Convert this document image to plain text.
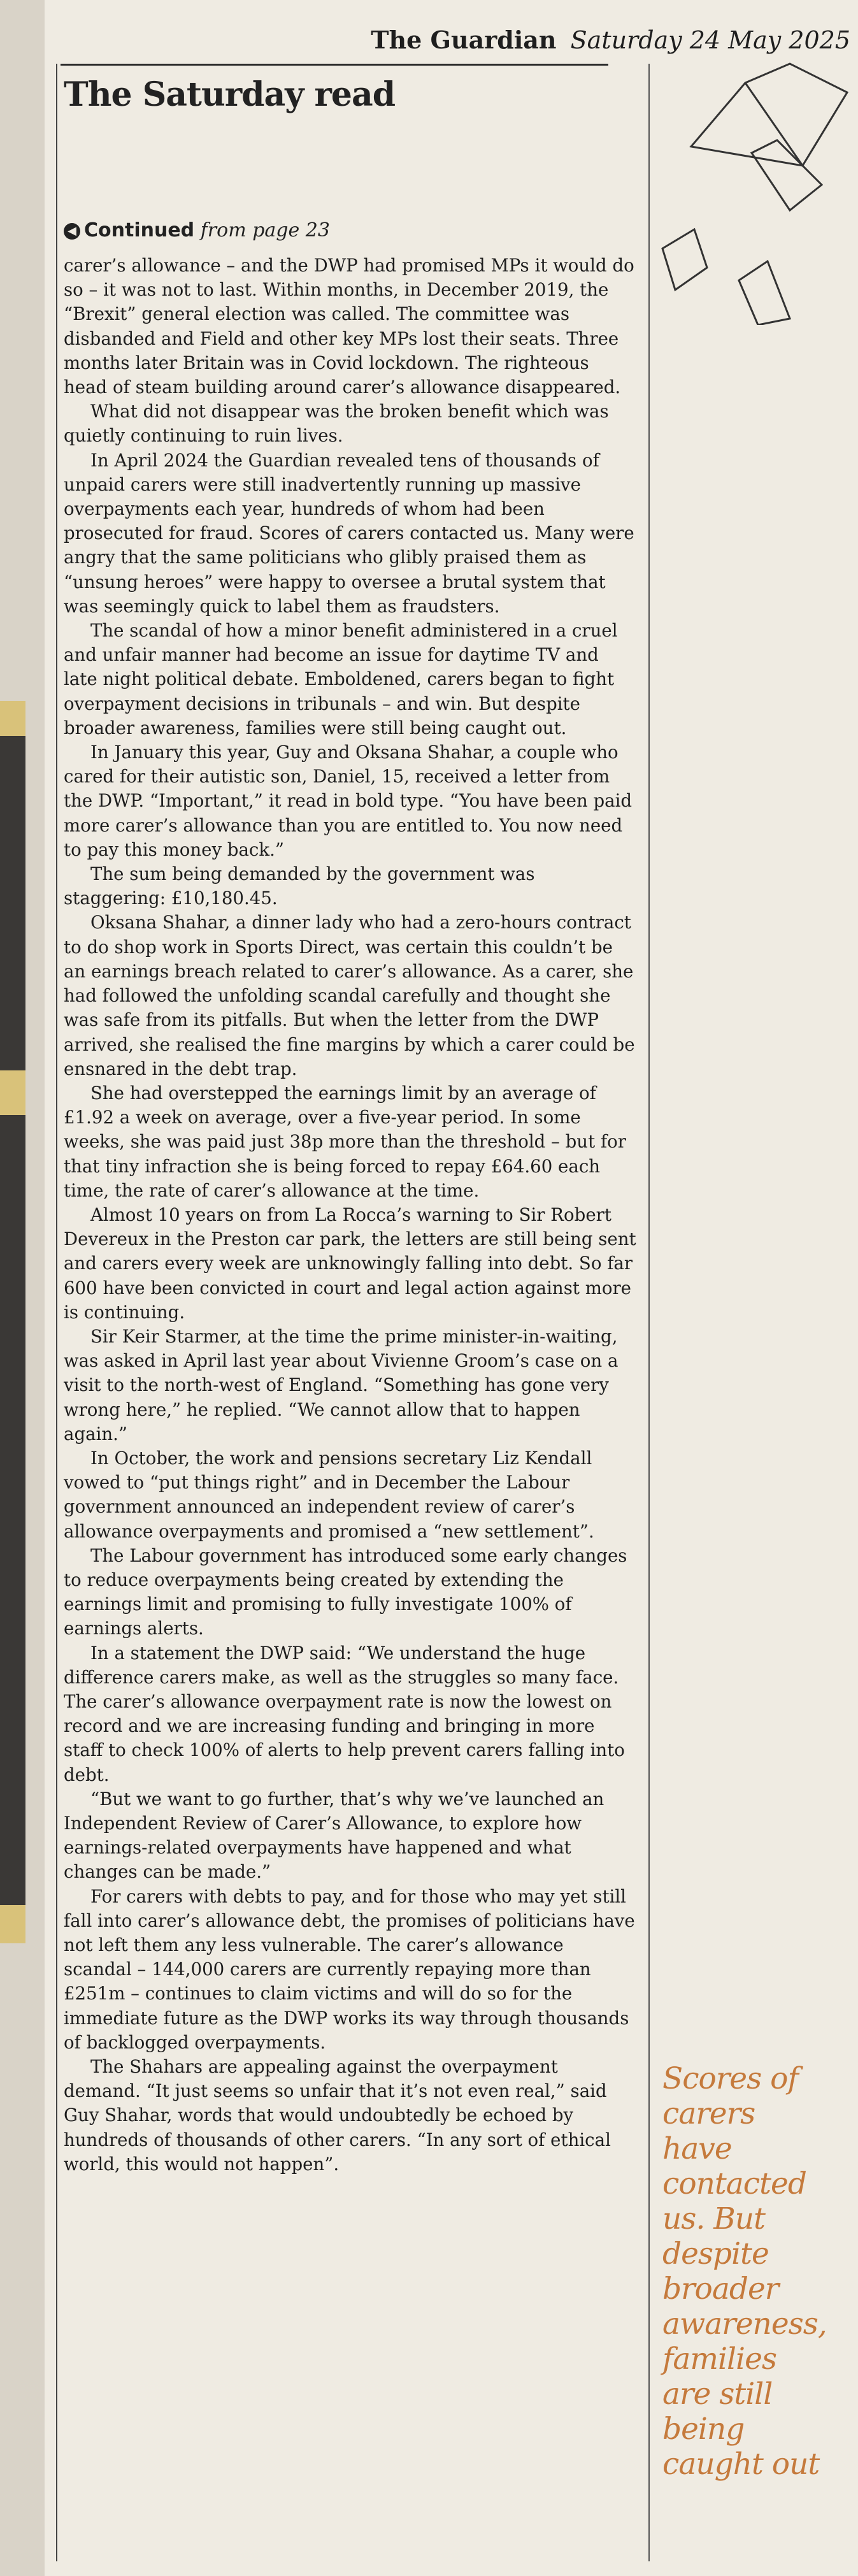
The Guardian Saturday 24 May 2025
The Saturday read
◀ Continued from page 23

carer’s allowance – and the DWP had promised MPs it would do so – it was not to last. Within months, in December 2019, the “Brexit” general election was called. The committee was disbanded and Field and other key MPs lost their seats. Three months later Britain was in Covid lockdown. The righteous head of steam building around carer’s allowance disappeared.

What did not disappear was the broken benefit which was quietly continuing to ruin lives.

In April 2024 the Guardian revealed tens of thousands of unpaid carers were still inadvertently running up massive overpayments each year, hundreds of whom had been prosecuted for fraud. Scores of carers contacted us. Many were angry that the same politicians who glibly praised them as “unsung heroes” were happy to oversee a brutal system that was seemingly quick to label them as fraudsters.

The scandal of how a minor benefit administered in a cruel and unfair manner had become an issue for daytime TV and late night political debate. Emboldened, carers began to fight overpayment decisions in tribunals – and win. But despite broader awareness, families were still being caught out.

In January this year, Guy and Oksana Shahar, a couple who cared for their autistic son, Daniel, 15, received a letter from the DWP. “Important,” it read in bold type. “You have been paid more carer’s allowance than you are entitled to. You now need to pay this money back.”

The sum being demanded by the government was staggering: £10,180.45.

Oksana Shahar, a dinner lady who had a zero-hours contract to do shop work in Sports Direct, was certain this couldn’t be an earnings breach related to carer’s allowance. As a carer, she had followed the unfolding scandal carefully and thought she was safe from its pitfalls. But when the letter from the DWP arrived, she realised the fine margins by which a carer could be ensnared in the debt trap.

She had overstepped the earnings limit by an average of £1.92 a week on average, over a five-year period. In some weeks, she was paid just 38p more than the threshold – but for that tiny infraction she is being forced to repay £64.60 each time, the rate of carer’s allowance at the time.

Almost 10 years on from La Rocca’s warning to Sir Robert Devereux in the Preston car park, the letters are still being sent and carers every week are unknowingly falling into debt. So far 600 have been convicted in court and legal action against more is continuing.

Sir Keir Starmer, at the time the prime minister-in-waiting, was asked in April last year about Vivienne Groom’s case on a visit to the north-west of England. “Something has gone very wrong here,” he replied. “We cannot allow that to happen again.”

In October, the work and pensions secretary Liz Kendall vowed to “put things right” and in December the Labour government announced an independent review of carer’s allowance overpayments and promised a “new settlement”.

The Labour government has introduced some early changes to reduce overpayments being created by extending the earnings limit and promising to fully investigate 100% of earnings alerts.

In a statement the DWP said: “We understand the huge difference carers make, as well as the struggles so many face. The carer’s allowance overpayment rate is now the lowest on record and we are increasing funding and bringing in more staff to check 100% of alerts to help prevent carers falling into debt.

“But we want to go further, that’s why we’ve launched an Independent Review of Carer’s Allowance, to explore how earnings-related overpayments have happened and what changes can be made.”

For carers with debts to pay, and for those who may yet still fall into carer’s allowance debt, the promises of politicians have not left them any less vulnerable. The carer’s allowance scandal – 144,000 carers are currently repaying more than £251m – continues to claim victims and will do so for the immediate future as the DWP works its way through thousands of backlogged overpayments.

The Shahars are appealing against the overpayment demand. “It just seems so unfair that it’s not even real,” said Guy Shahar, words that would undoubtedly be echoed by hundreds of thousands of other carers. “In any sort of ethical world, this would not happen”.

Scores of carers have contacted us. But despite broader awareness, families are still being caught out
